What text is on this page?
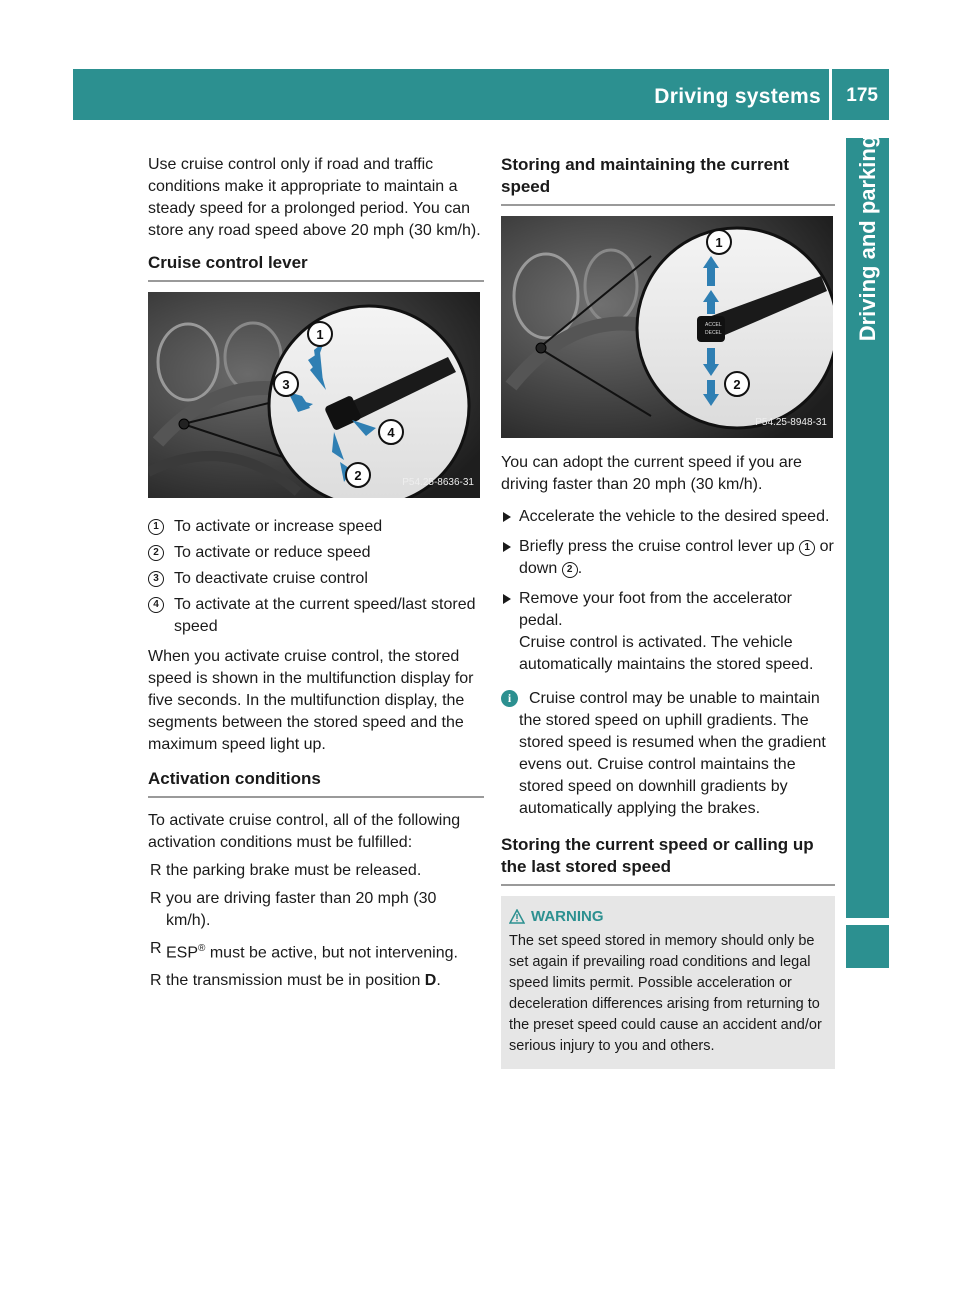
Driving systems 175
Driving and parking

Use cruise control only if road and traffic conditions make it appropriate to maintain a steady speed for a prolonged period. You can store any road speed above 20 mph (30 km/h).

Cruise control lever
1
2
3
4
P54.25-8636-31
1 To activate or increase speed
2 To activate or reduce speed
3 To deactivate cruise control
4 To activate at the current speed/last stored speed

When you activate cruise control, the stored speed is shown in the multifunction display for five seconds. In the multifunction display, the segments between the stored speed and the maximum speed light up.

Activation conditions

To activate cruise control, all of the following activation conditions must be fulfilled:

R the parking brake must be released.
R you are driving faster than 20 mph (30 km/h).
R ESP® must be active, but not intervening.
R the transmission must be in position D.
Storing and maintaining the current speed
ACCEL
DECEL
1
2
P54.25-8948-31

You can adopt the current speed if you are driving faster than 20 mph (30 km/h).

Accelerate the vehicle to the desired speed.
Briefly press the cruise control lever up 1 or down 2 .
Remove your foot from the accelerator pedal.
Cruise control is activated. The vehicle automatically maintains the stored speed.
i	Cruise control may be unable to maintain the stored speed on uphill gradients. The stored speed is resumed when the gradient evens out. Cruise control maintains the stored speed on downhill gradients by automatically applying the brakes.
Storing the current speed or calling up the last stored speed
WARNING
The set speed stored in memory should only be set again if prevailing road conditions and legal speed limits permit. Possible acceleration or deceleration differences arising from returning to the preset speed could cause an accident and/or serious injury to you and others.
